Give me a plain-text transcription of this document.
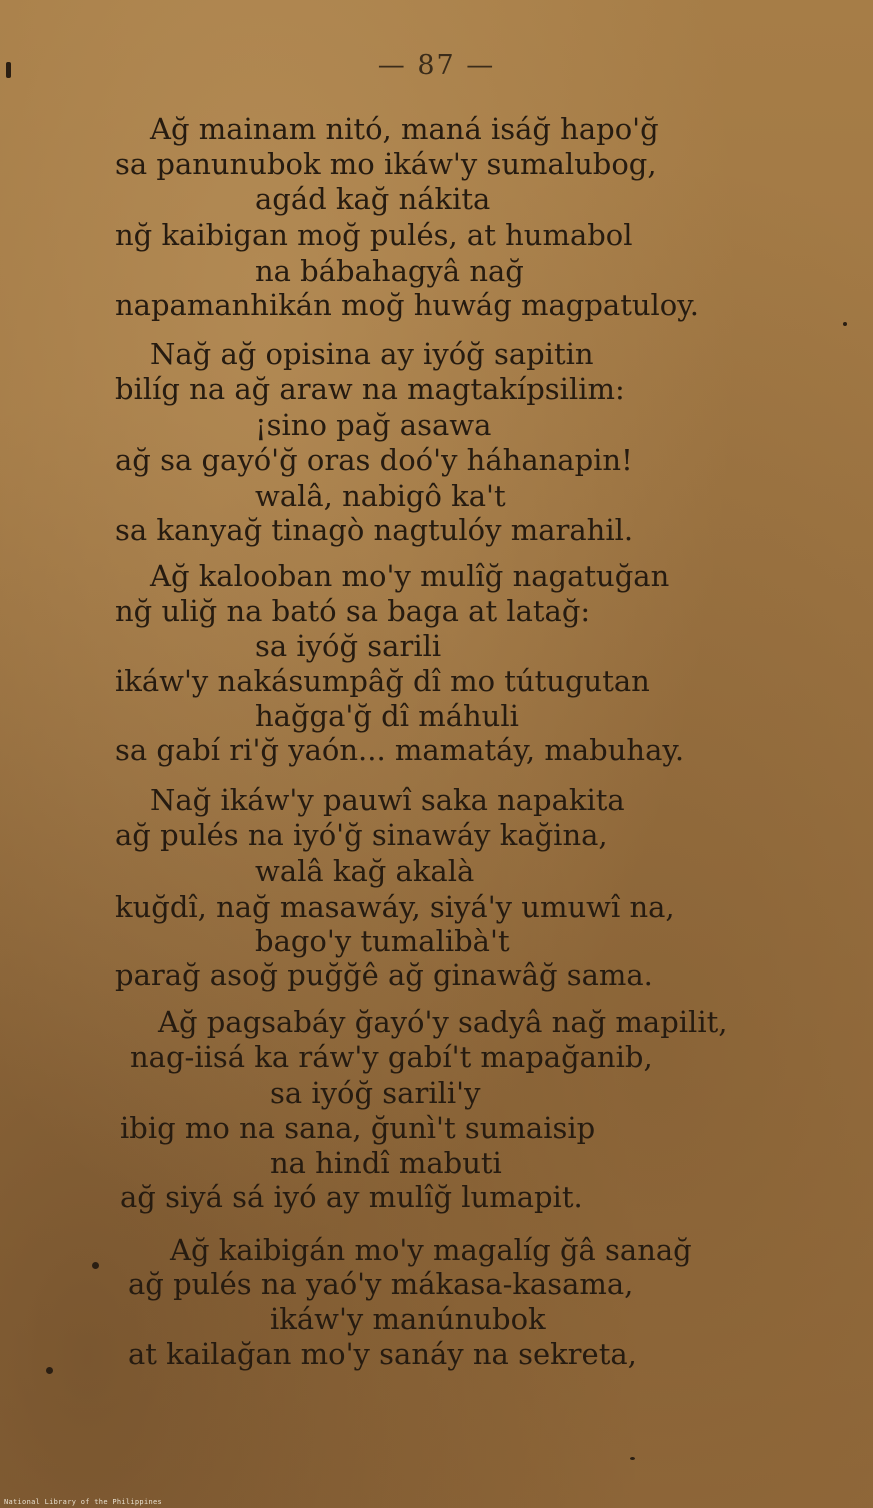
— 87 —
Ağ mainam nitó, maná isáğ hapo'ğ
sa panunubok mo ikáw'y sumalubog,
agád kağ nákita
nğ kaibigan moğ pulés, at humabol
na bábahagyâ nağ
napamanhikán moğ huwág magpatuloy.
Nağ ağ opisina ay iyóğ sapitin
bilíg na ağ araw na magtakípsilim:
¡sino pağ asawa
ağ sa gayó'ğ oras doó'y háhanapin!
walâ, nabigô ka't
sa kanyağ tinagò nagtulóy marahil.
Ağ kalooban mo'y mulîğ nagatuğan
nğ uliğ na bató sa baga at latağ:
sa iyóğ sarili
ikáw'y nakásumpâğ dî mo tútugutan
hağga'ğ dî máhuli
sa gabí ri'ğ yaón... mamatáy, mabuhay.
Nağ ikáw'y pauwî saka napakita
ağ pulés na iyó'ğ sinawáy kağina,
walâ kağ akalà
kuğdî, nağ masawáy, siyá'y umuwî na,
bago'y tumalibà't
parağ asoğ puğğê ağ ginawâğ sama.
Ağ pagsabáy ğayó'y sadyâ nağ mapilit,
nag-iisá ka ráw'y gabí't mapağanib,
sa iyóğ sarili'y
ibig mo na sana, ğunì't sumaisip
na hindî mabuti
ağ siyá sá iyó ay mulîğ lumapit.
Ağ kaibigán mo'y magalíg ğâ sanağ
ağ pulés na yaó'y mákasa-kasama,
ikáw'y manúnubok
at kailağan mo'y sanáy na sekreta,
National Library of the Philippines
